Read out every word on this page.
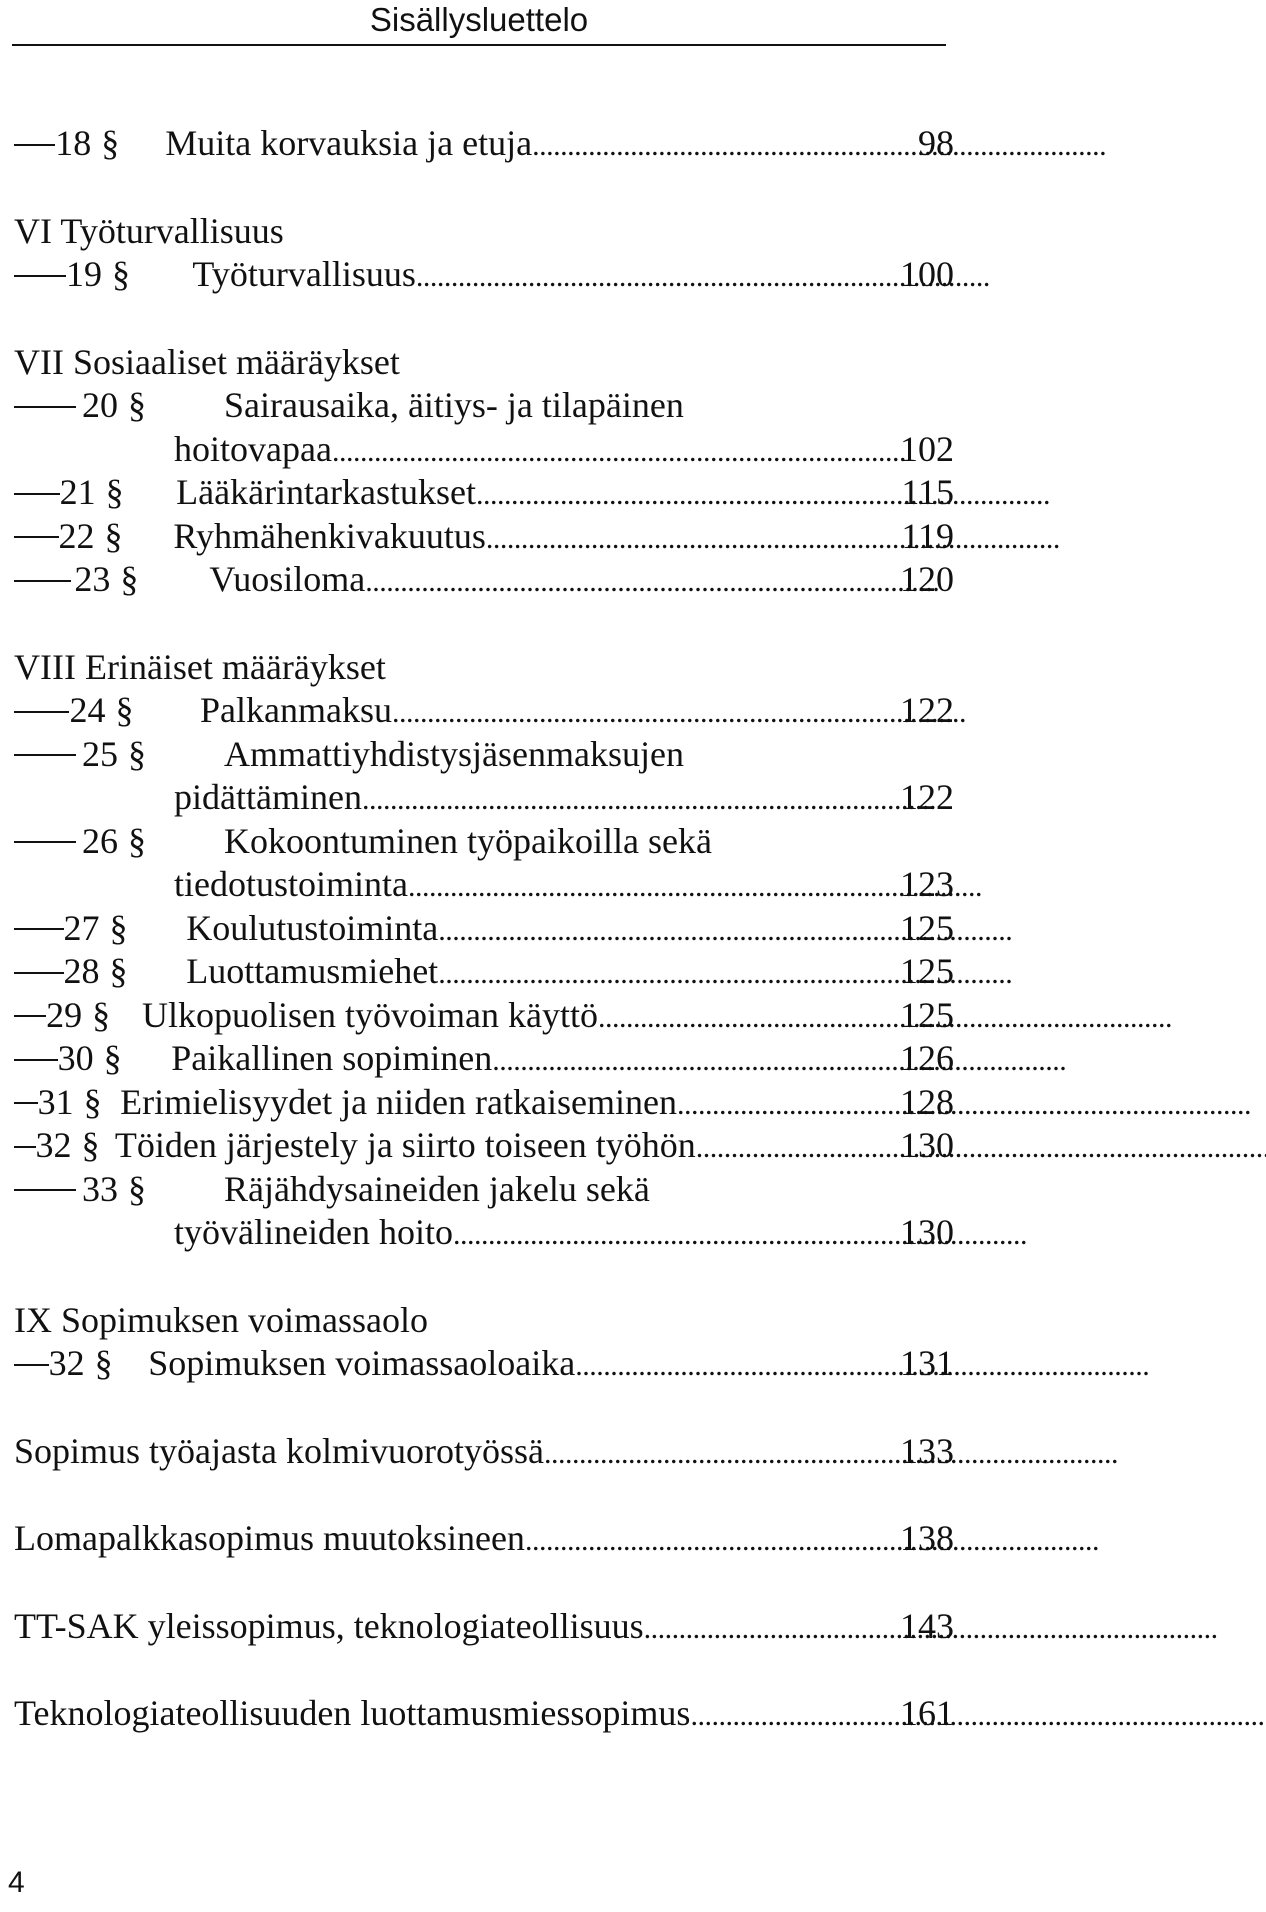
Sisällysluettelo
18 §	Muita korvauksia ja etuja . . .	98
VI Työturvallisuus
19 §	Työturvallisuus . . .	100
VII Sosiaaliset määräykset
20 §	Sairausaika, äitiys- ja tilapäinen
hoitovapaa . . .	102
21 §	Lääkärintarkastukset . . .	115
22 §	Ryhmähenkivakuutus . . .	119
23 §	Vuosiloma . . .	120
VIII Erinäiset määräykset
24 §	Palkanmaksu . . .	122
25 §	Ammattiyhdistysjäsenmaksujen
pidättäminen . . .	122
26 §	Kokoontuminen työpaikoilla sekä
tiedotustoiminta . . .	123
27 §	Koulutustoiminta . . .	125
28 §	Luottamusmiehet . . .	125
29 § Ulkopuolisen työvoiman käyttö . . .	125
30 §	Paikallinen sopiminen . . .	126
31 § Erimielisyydet ja niiden ratkaiseminen . . .	128
32 § Töiden järjestely ja siirto toiseen työhön . . .	130
33 §	Räjähdysaineiden jakelu sekä
työvälineiden hoito . . .	130
IX Sopimuksen voimassaolo
32 § Sopimuksen voimassaoloaika . . .	131
Sopimus työajasta kolmivuorotyössä . . .	133
Lomapalkkasopimus muutoksineen . . .	138
TT-SAK yleissopimus, teknologiateollisuus . . .	143
Teknologiateollisuuden luottamusmiessopimus . . .	161
4
